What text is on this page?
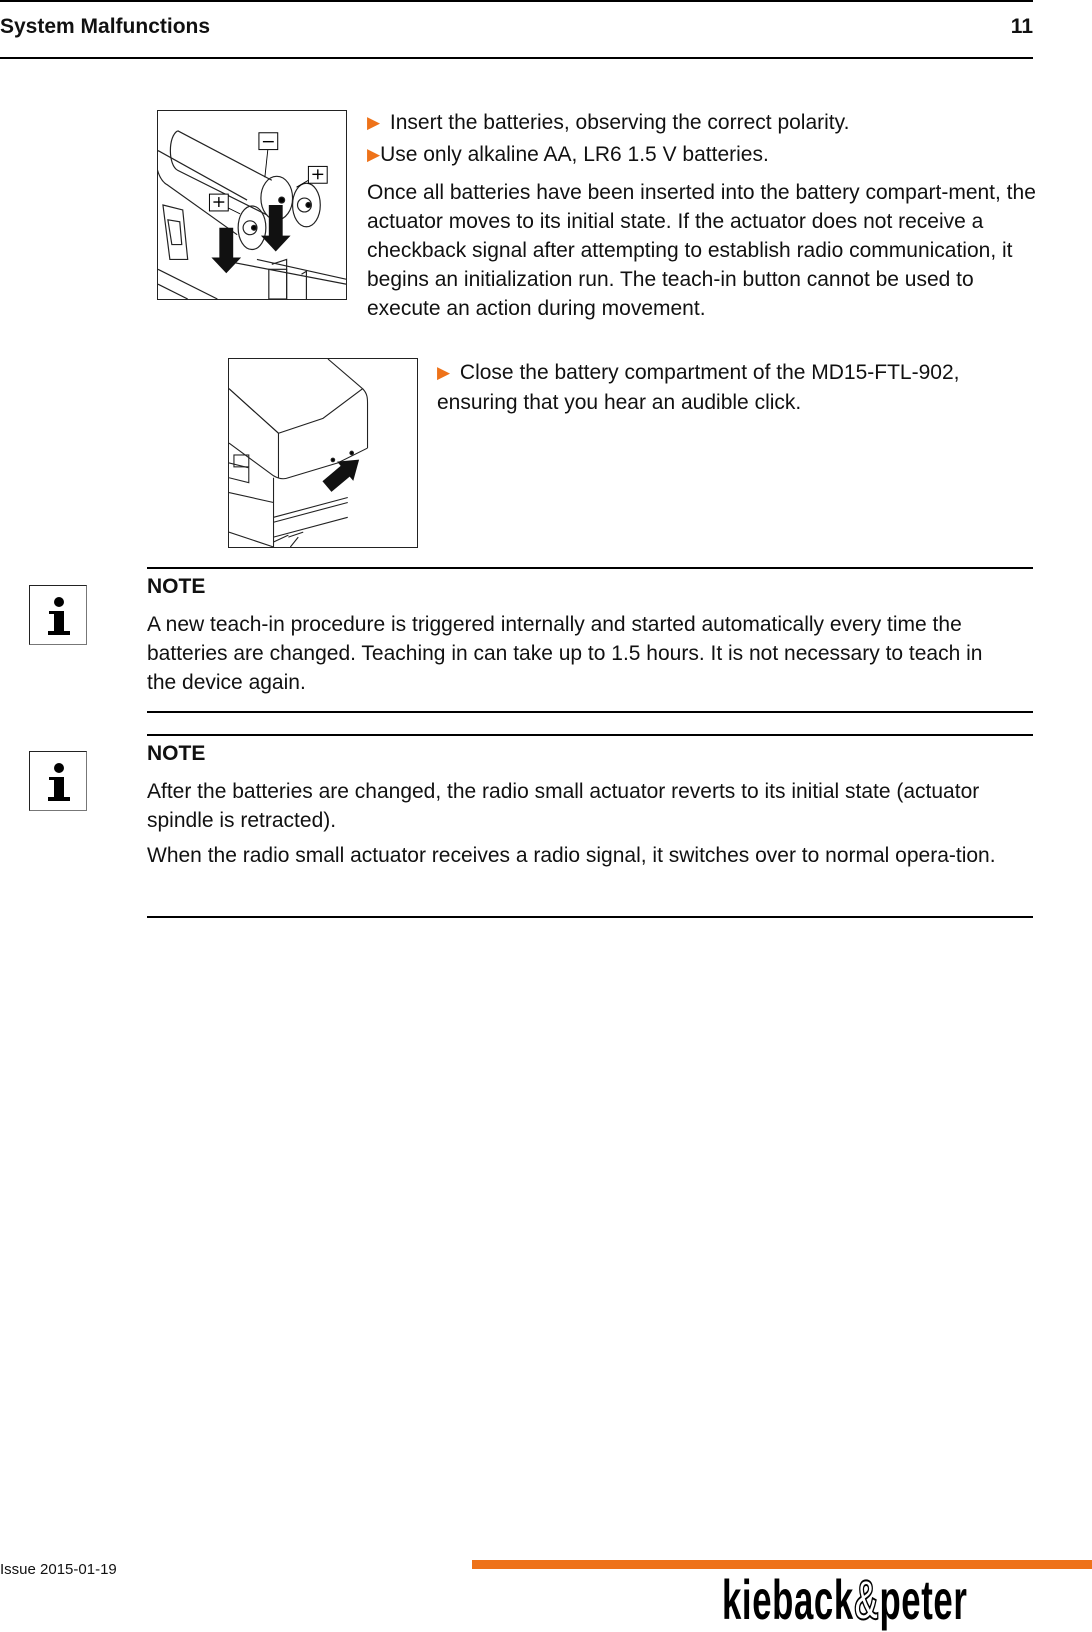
System Malfunctions	11
▶ Insert the batteries, observing the correct polarity.
▶Use only alkaline AA, LR6 1.5 V batteries.
Once all batteries have been inserted into the battery compart-ment, the actuator moves to its initial state. If the actuator does not receive a checkback signal after attempting to establish radio communication, it begins an initialization run. The teach-in button cannot be used to execute an action during movement.
▶ Close the battery compartment of the MD15-FTL-902, ensuring that you hear an audible click.
NOTE

A new teach-in procedure is triggered internally and started automatically every time the batteries are changed. Teaching in can take up to 1.5 hours. It is not necessary to teach in the device again.

NOTE

After the batteries are changed, the radio small actuator reverts to its initial state (actuator spindle is retracted).

When the radio small actuator receives a radio signal, it switches over to normal opera-tion.

Issue 2015-01-19	kieback&peter
